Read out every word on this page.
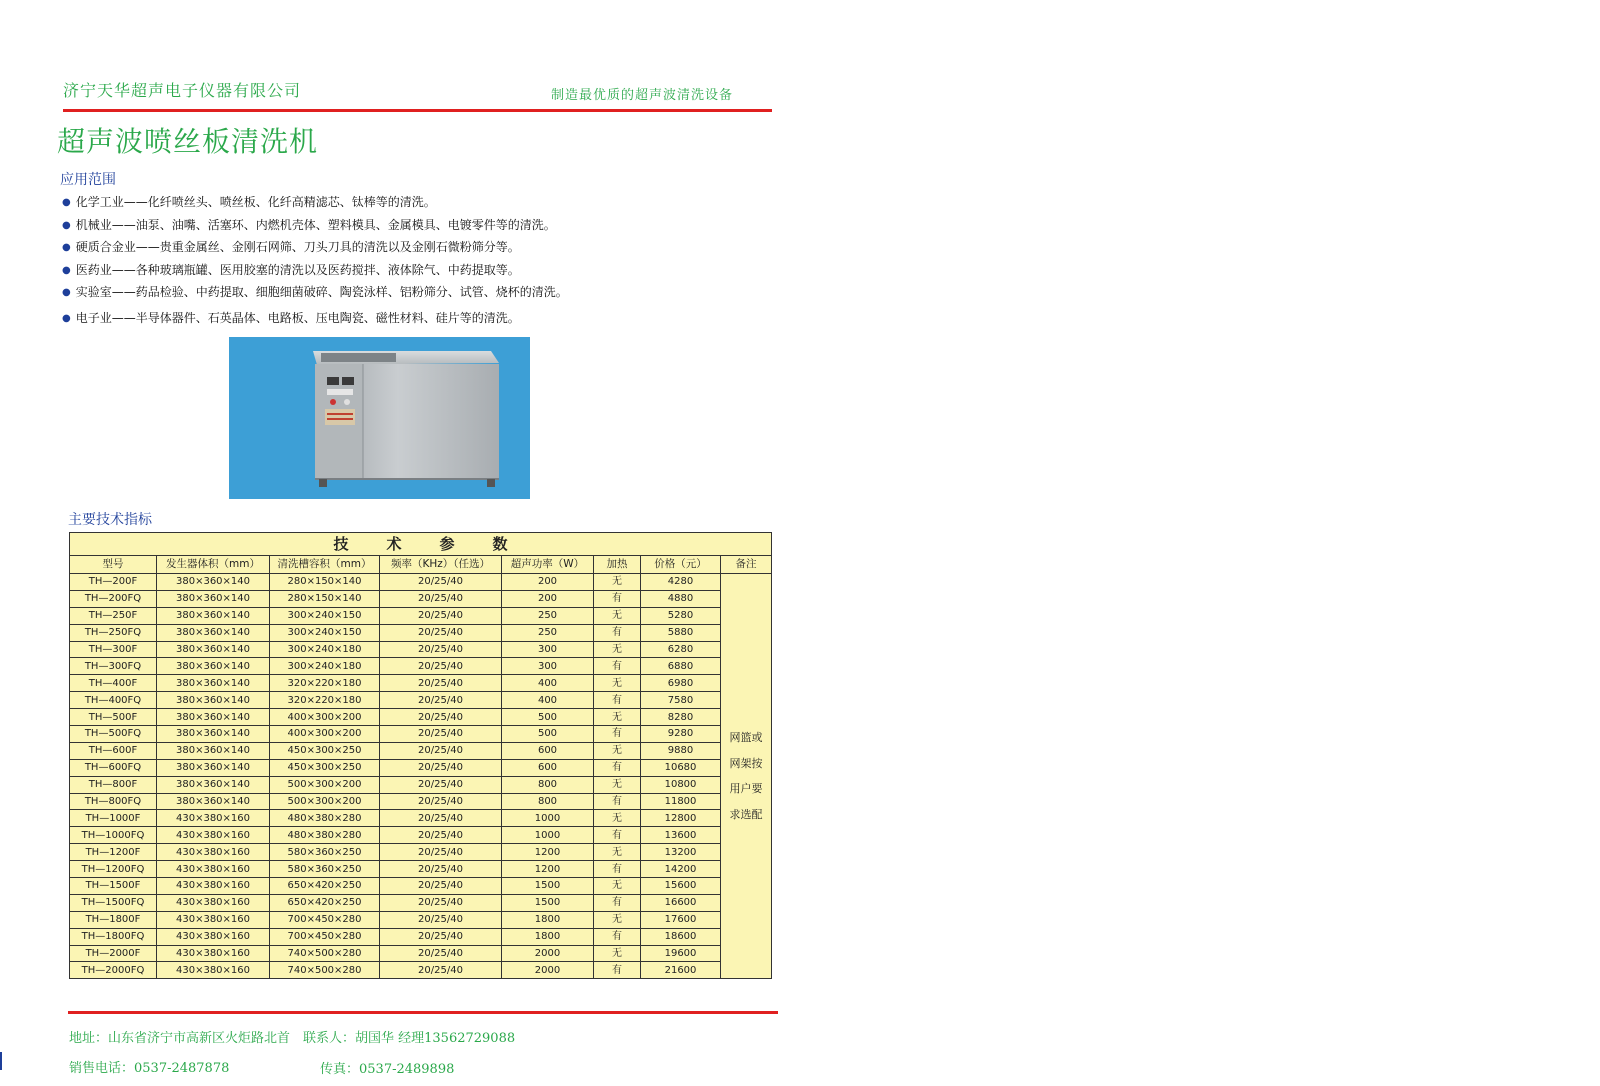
济宁天华超声电子仪器有限公司	制造最优质的超声波清洗设备
超声波喷丝板清洗机
应用范围
● 化学工业——化纤喷丝头、喷丝板、化纤高精滤芯、钛棒等的清洗。
● 机械业——油泵、油嘴、活塞环、内燃机壳体、塑料模具、金属模具、电镀零件等的清洗。
● 硬质合金业——贵重金属丝、金刚石网筛、刀头刀具的清洗以及金刚石微粉筛分等。
● 医药业——各种玻璃瓶罐、医用胶塞的清洗以及医药搅拌、液体除气、中药提取等。
● 实验室——药品检验、中药提取、细胞细菌破碎、陶瓷泳样、铝粉筛分、试管、烧杯的清洗。
● 电子业——半导体器件、石英晶体、电路板、压电陶瓷、磁性材料、硅片等的清洗。
主要技术指标
技术参数							
型号	发生器体积（mm）	清洗槽容积（mm）	频率（KHz）（任选）	超声功率（W）	加热	价格（元）	备注
TH—200F	380×360×140	280×150×140	20/25/40	200	无	4280	网篮或网架按用户要求选配
TH—200FQ	380×360×140	280×150×140	20/25/40	200	有	4880	
TH—250F	380×360×140	300×240×150	20/25/40	250	无	5280	
TH—250FQ	380×360×140	300×240×150	20/25/40	250	有	5880	
TH—300F	380×360×140	300×240×180	20/25/40	300	无	6280	
TH—300FQ	380×360×140	300×240×180	20/25/40	300	有	6880	
TH—400F	380×360×140	320×220×180	20/25/40	400	无	6980	
TH—400FQ	380×360×140	320×220×180	20/25/40	400	有	7580	
TH—500F	380×360×140	400×300×200	20/25/40	500	无	8280	
TH—500FQ	380×360×140	400×300×200	20/25/40	500	有	9280	
TH—600F	380×360×140	450×300×250	20/25/40	600	无	9880	
TH—600FQ	380×360×140	450×300×250	20/25/40	600	有	10680	
TH—800F	380×360×140	500×300×200	20/25/40	800	无	10800	
TH—800FQ	380×360×140	500×300×200	20/25/40	800	有	11800	
TH—1000F	430×380×160	480×380×280	20/25/40	1000	无	12800	
TH—1000FQ	430×380×160	480×380×280	20/25/40	1000	有	13600	
TH—1200F	430×380×160	580×360×250	20/25/40	1200	无	13200	
TH—1200FQ	430×380×160	580×360×250	20/25/40	1200	有	14200	
TH—1500F	430×380×160	650×420×250	20/25/40	1500	无	15600	
TH—1500FQ	430×380×160	650×420×250	20/25/40	1500	有	16600	
TH—1800F	430×380×160	700×450×280	20/25/40	1800	无	17600	
TH—1800FQ	430×380×160	700×450×280	20/25/40	1800	有	18600	
TH—2000F	430×380×160	740×500×280	20/25/40	2000	无	19600	
TH—2000FQ	430×380×160	740×500×280	20/25/40	2000	有	21600	
地址：山东省济宁市高新区火炬路北首　联系人：胡国华 经理13562729088
销售电话：0537-2487878	传真：0537-2489898
